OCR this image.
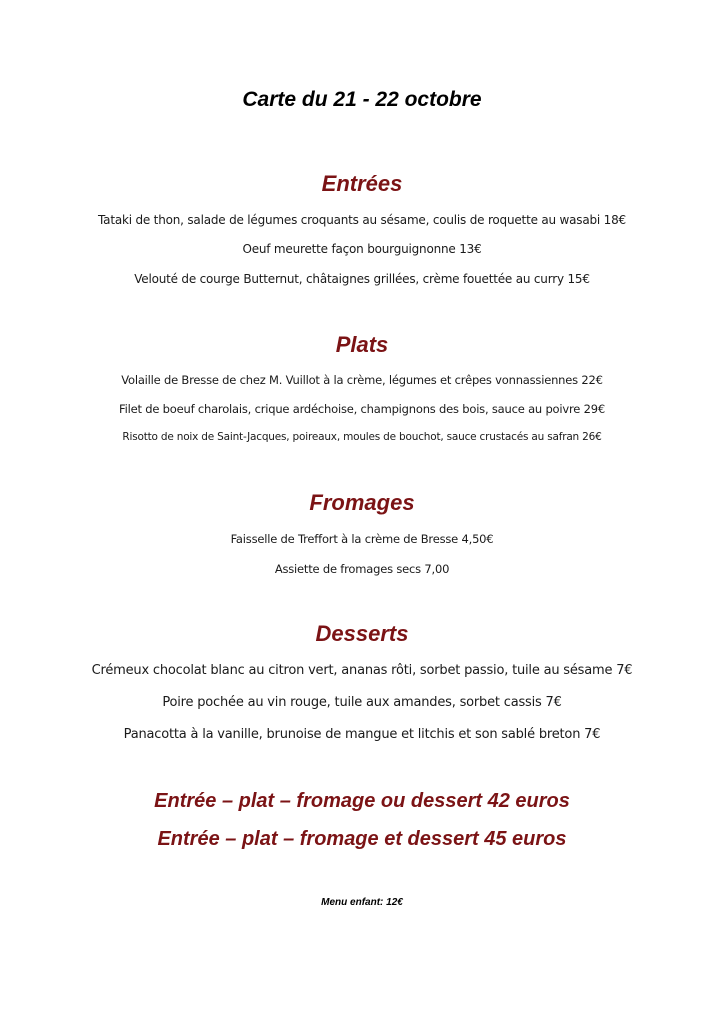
Carte du 21 - 22 octobre
Entrées
Tataki de thon, salade de légumes croquants au sésame, coulis de roquette au wasabi 18€
Oeuf meurette façon bourguignonne 13€
Velouté de courge Butternut, châtaignes grillées, crème fouettée au curry 15€
Plats
Volaille de Bresse de chez M. Vuillot à la crème, légumes et crêpes vonnassiennes 22€
Filet de boeuf charolais, crique ardéchoise, champignons des bois, sauce au poivre 29€
Risotto de noix de Saint-Jacques, poireaux, moules de bouchot, sauce crustacés au safran 26€
Fromages
Faisselle de Treffort à la crème de Bresse 4,50€
Assiette de fromages secs 7,00
Desserts
Crémeux chocolat blanc au citron vert, ananas rôti, sorbet passio, tuile au sésame 7€
Poire pochée au vin rouge, tuile aux amandes, sorbet cassis 7€
Panacotta à la vanille, brunoise de mangue et litchis et son sablé breton 7€
Entrée – plat – fromage ou dessert 42 euros
Entrée – plat – fromage et dessert 45 euros
Menu enfant: 12€
